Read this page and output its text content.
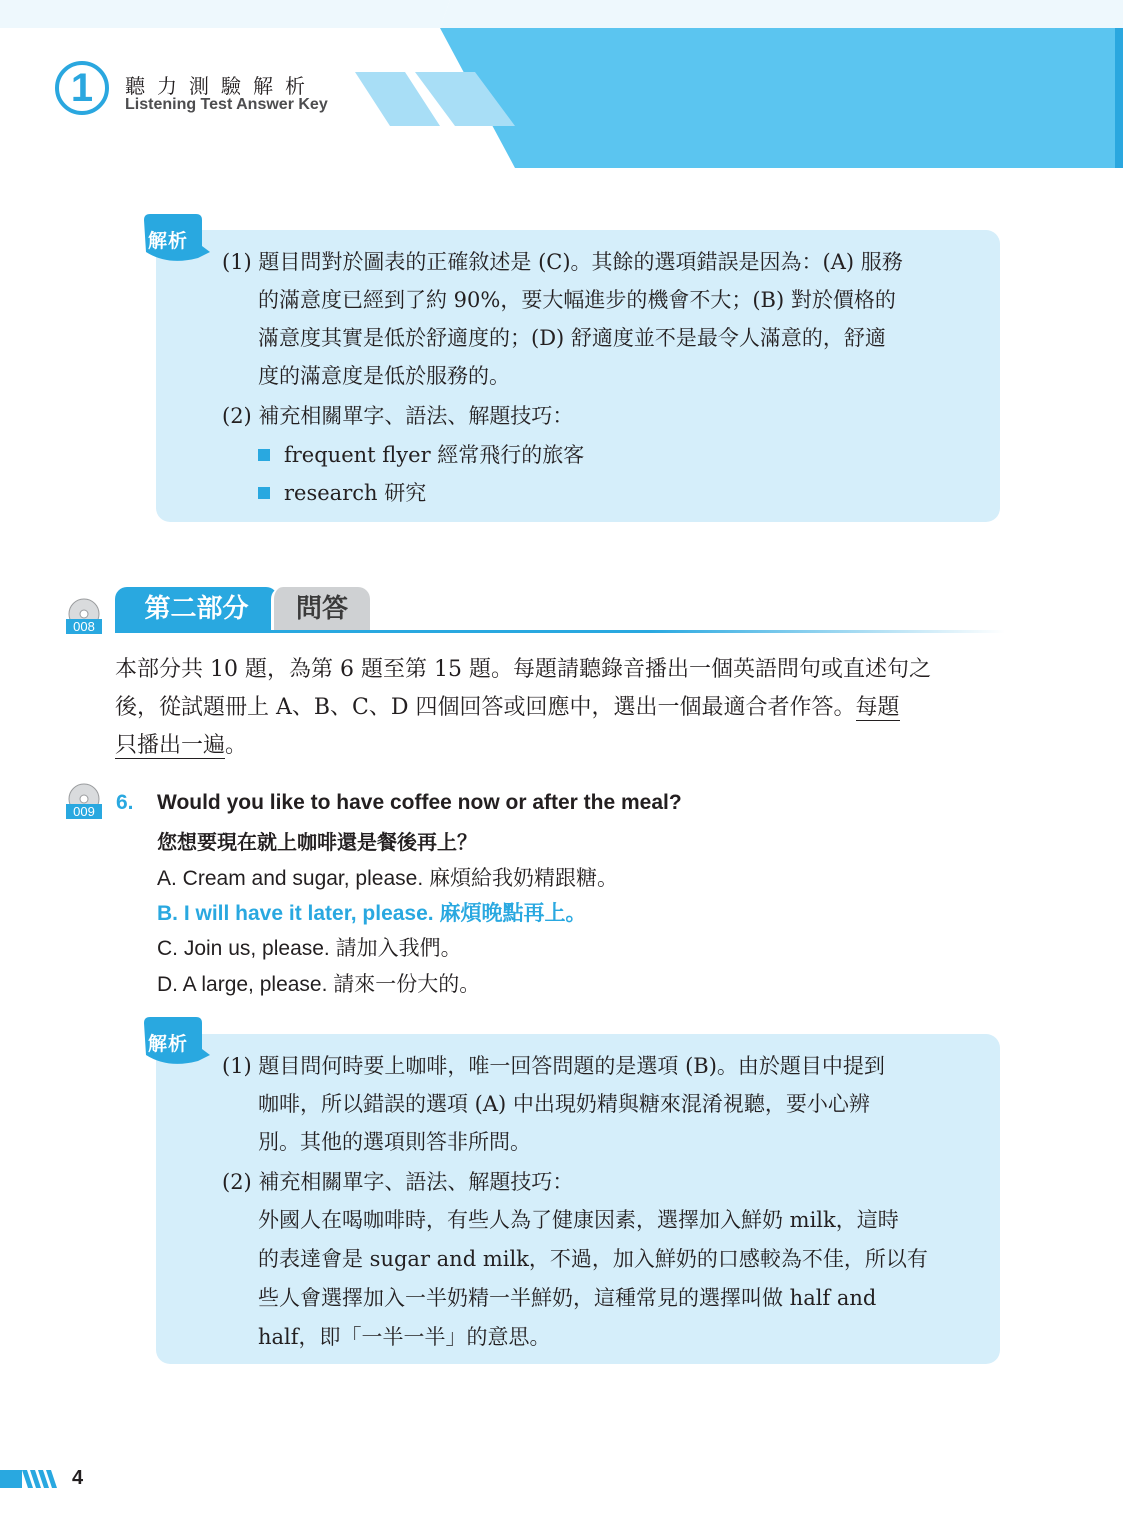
1	聽力測驗解析
Listening Test Answer Key
解析
(1) 題目問對於圖表的正確敘述是 (C)。其餘的選項錯誤是因為：(A) 服務
的滿意度已經到了約 90%，要大幅進步的機會不大；(B) 對於價格的
滿意度其實是低於舒適度的；(D) 舒適度並不是最令人滿意的，舒適
度的滿意度是低於服務的。
(2) 補充相關單字、語法、解題技巧：
frequent flyer 經常飛行的旅客
research 研究
008
第二部分	問答
本部分共 10 題，為第 6 題至第 15 題。每題請聽錄音播出一個英語問句或直述句之
後，從試題冊上 A、B、C、D 四個回答或回應中，選出一個最適合者作答。每題
只播出一遍。
009	6. Would you like to have coffee now or after the meal?
您想要現在就上咖啡還是餐後再上？
A. Cream and sugar, please. 麻煩給我奶精跟糖。
B. I will have it later, please. 麻煩晚點再上。
C. Join us, please. 請加入我們。
D. A large, please. 請來一份大的。
解析
(1) 題目問何時要上咖啡，唯一回答問題的是選項 (B)。由於題目中提到
咖啡，所以錯誤的選項 (A) 中出現奶精與糖來混淆視聽，要小心辨
別。其他的選項則答非所問。
(2) 補充相關單字、語法、解題技巧：
外國人在喝咖啡時，有些人為了健康因素，選擇加入鮮奶 milk，這時
的表達會是 sugar and milk，不過，加入鮮奶的口感較為不佳，所以有
些人會選擇加入一半奶精一半鮮奶，這種常見的選擇叫做 half and
half，即「一半一半」的意思。
4
